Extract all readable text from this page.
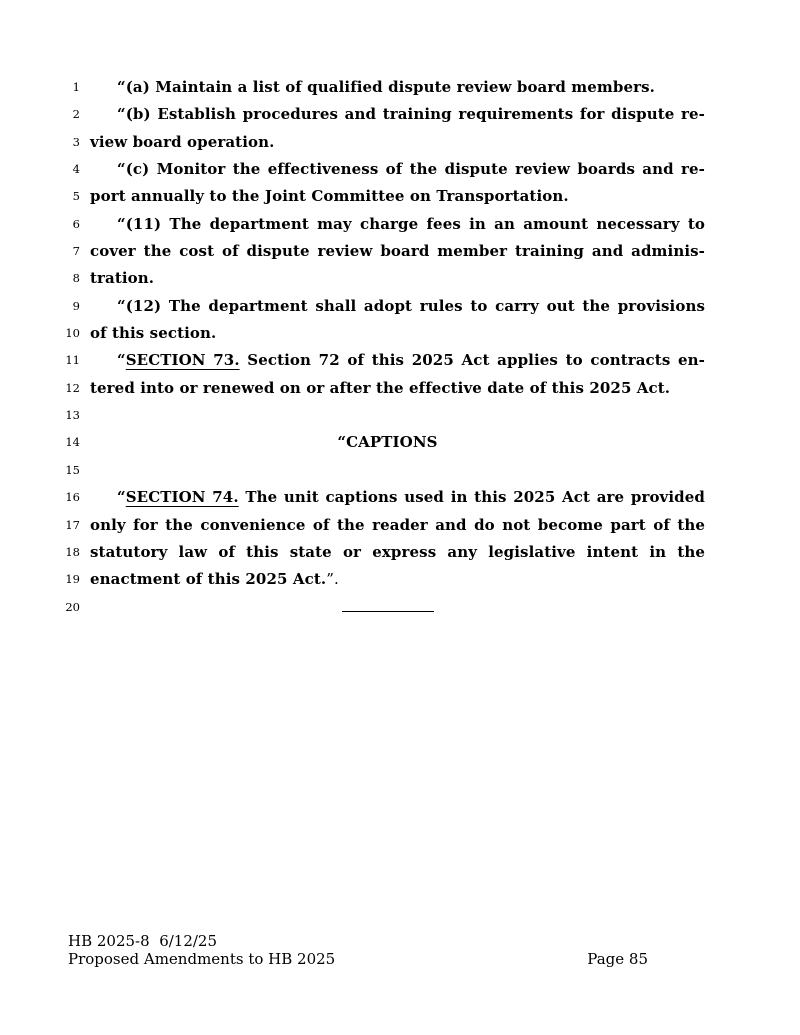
1	“(a) Maintain a list of qualified dispute review board members.
2	“(b) Establish procedures and training requirements for dispute re-
3 view board operation.
4	“(c) Monitor the effectiveness of the dispute review boards and re-
5 port annually to the Joint Committee on Transportation.
6	“(11) The department may charge fees in an amount necessary to
7 cover the cost of dispute review board member training and adminis-
8 tration.
9	“(12) The department shall adopt rules to carry out the provisions
10 of this section.
11	“SECTION 73. Section 72 of this 2025 Act applies to contracts en-
12 tered into or renewed on or after the effective date of this 2025 Act.
13
14	“CAPTIONS
15
16	“SECTION 74. The unit captions used in this 2025 Act are provided
17 only for the convenience of the reader and do not become part of the
18 statutory law of this state or express any legislative intent in the
19 enactment of this 2025 Act.”.
20
HB 2025-8  6/12/25
Proposed Amendments to HB 2025	Page 85
